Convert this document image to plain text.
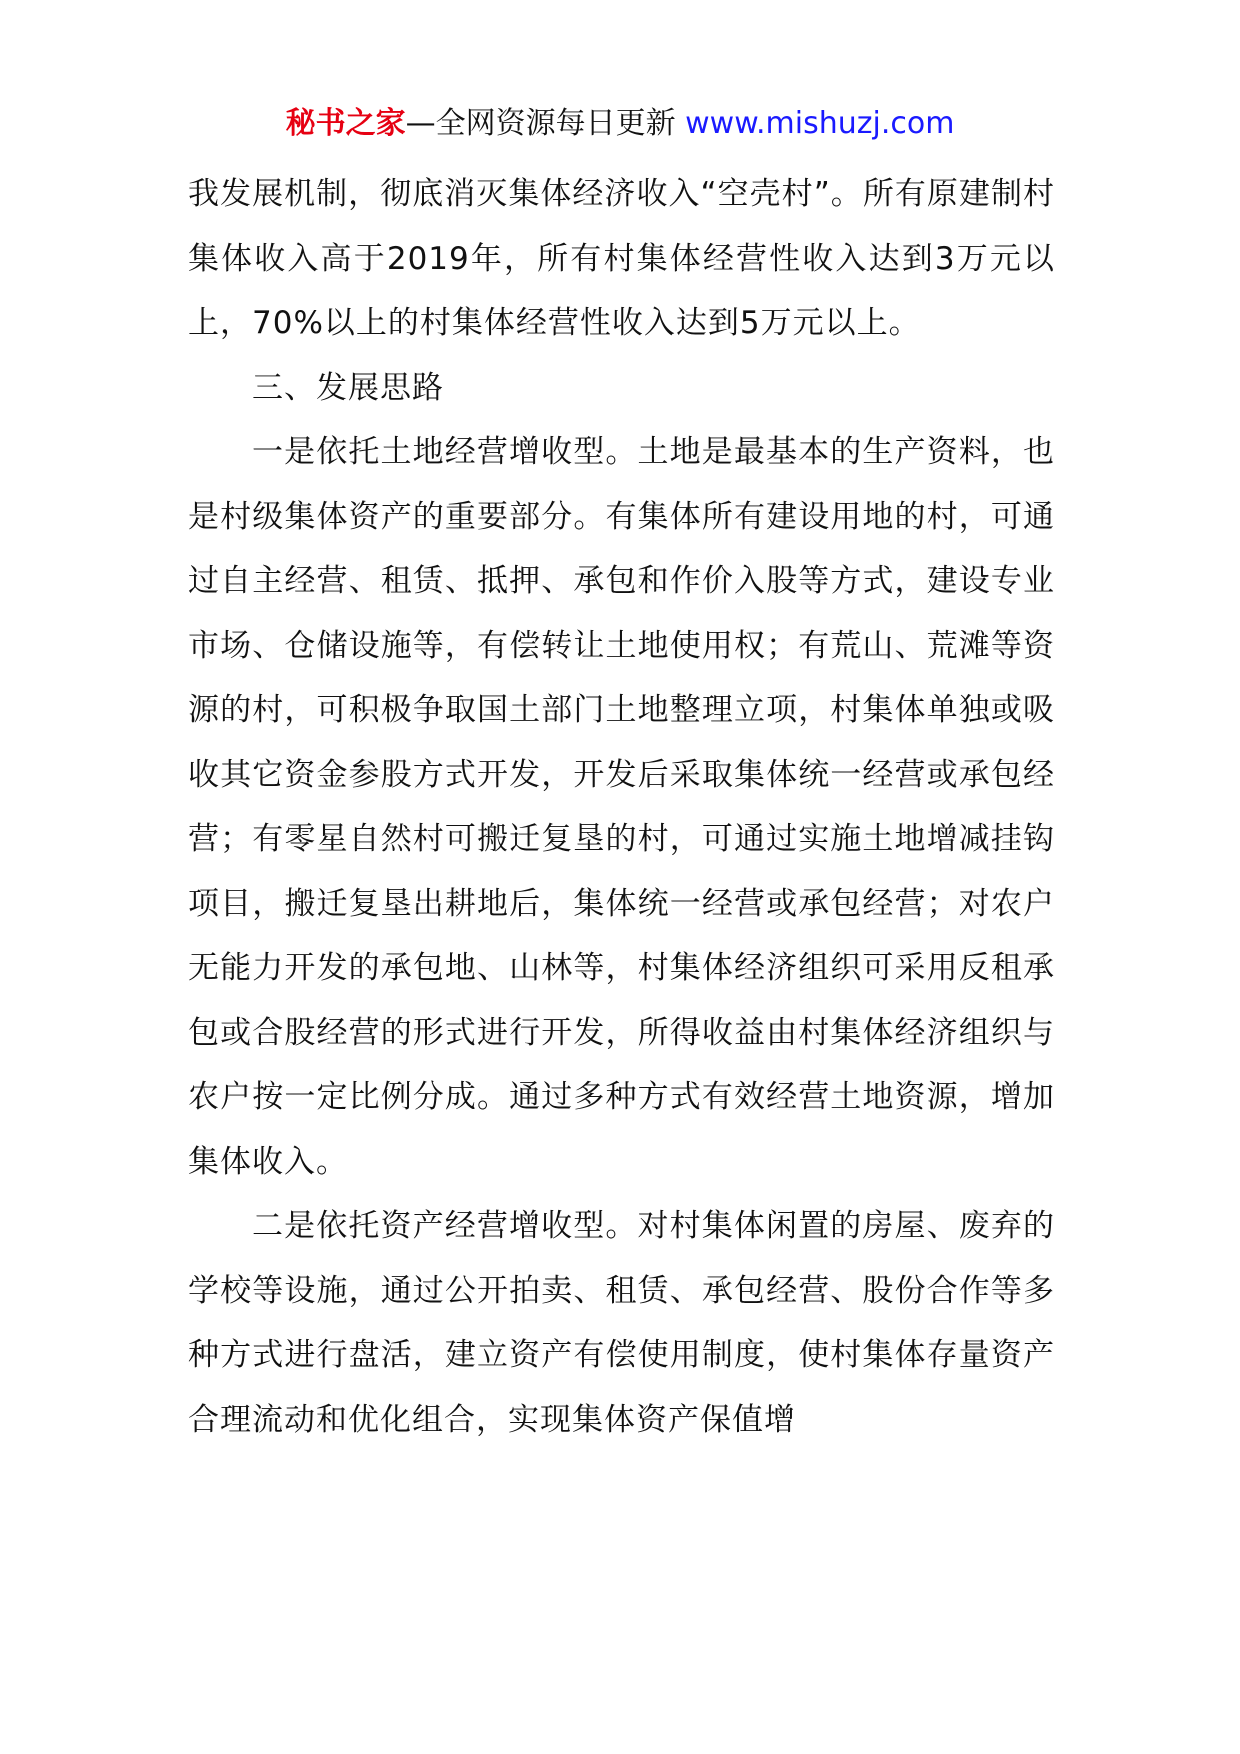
秘书之家—全网资源每日更新 www.mishuzj.com

我发展机制，彻底消灭集体经济收入“空壳村”。所有原建制村集体收入高于2019年，所有村集体经营性收入达到3万元以上，70%以上的村集体经营性收入达到5万元以上。

三、发展思路

一是依托土地经营增收型。土地是最基本的生产资料，也是村级集体资产的重要部分。有集体所有建设用地的村，可通过自主经营、租赁、抵押、承包和作价入股等方式，建设专业市场、仓储设施等，有偿转让土地使用权；有荒山、荒滩等资源的村，可积极争取国土部门土地整理立项，村集体单独或吸收其它资金参股方式开发，开发后采取集体统一经营或承包经营；有零星自然村可搬迁复垦的村，可通过实施土地增减挂钩项目，搬迁复垦出耕地后，集体统一经营或承包经营；对农户无能力开发的承包地、山林等，村集体经济组织可采用反租承包或合股经营的形式进行开发，所得收益由村集体经济组织与农户按一定比例分成。通过多种方式有效经营土地资源，增加集体收入。

二是依托资产经营增收型。对村集体闲置的房屋、废弃的学校等设施，通过公开拍卖、租赁、承包经营、股份合作等多种方式进行盘活，建立资产有偿使用制度，使村集体存量资产合理流动和优化组合，实现集体资产保值增
